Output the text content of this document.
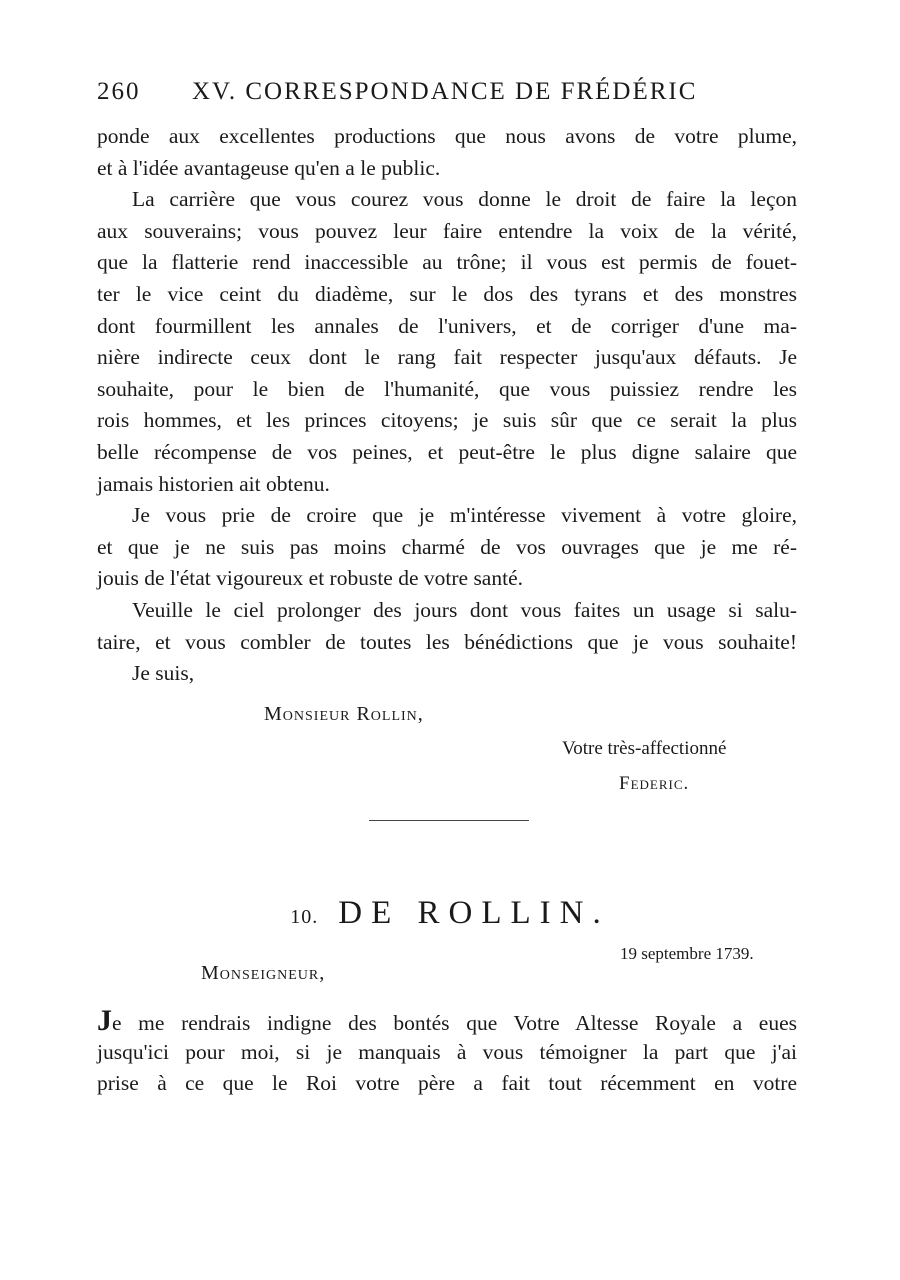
260 XV. CORRESPONDANCE DE FRÉDÉRIC
ponde aux excellentes productions que nous avons de votre plume,
et à l'idée avantageuse qu'en a le public.
La carrière que vous courez vous donne le droit de faire la leçon
aux souverains; vous pouvez leur faire entendre la voix de la vérité,
que la flatterie rend inaccessible au trône; il vous est permis de fouet-
ter le vice ceint du diadème, sur le dos des tyrans et des monstres
dont fourmillent les annales de l'univers, et de corriger d'une ma-
nière indirecte ceux dont le rang fait respecter jusqu'aux défauts. Je
souhaite, pour le bien de l'humanité, que vous puissiez rendre les
rois hommes, et les princes citoyens; je suis sûr que ce serait la plus
belle récompense de vos peines, et peut-être le plus digne salaire que
jamais historien ait obtenu.
Je vous prie de croire que je m'intéresse vivement à votre gloire,
et que je ne suis pas moins charmé de vos ouvrages que je me ré-
jouis de l'état vigoureux et robuste de votre santé.
Veuille le ciel prolonger des jours dont vous faites un usage si salu-
taire, et vous combler de toutes les bénédictions que je vous souhaite!
Je suis,
Monsieur Rollin,
Votre très-affectionné
Federic.
10. DE ROLLIN.
19 septembre 1739.
Monseigneur,
Je me rendrais indigne des bontés que Votre Altesse Royale a eues
jusqu'ici pour moi, si je manquais à vous témoigner la part que j'ai
prise à ce que le Roi votre père a fait tout récemment en votre
